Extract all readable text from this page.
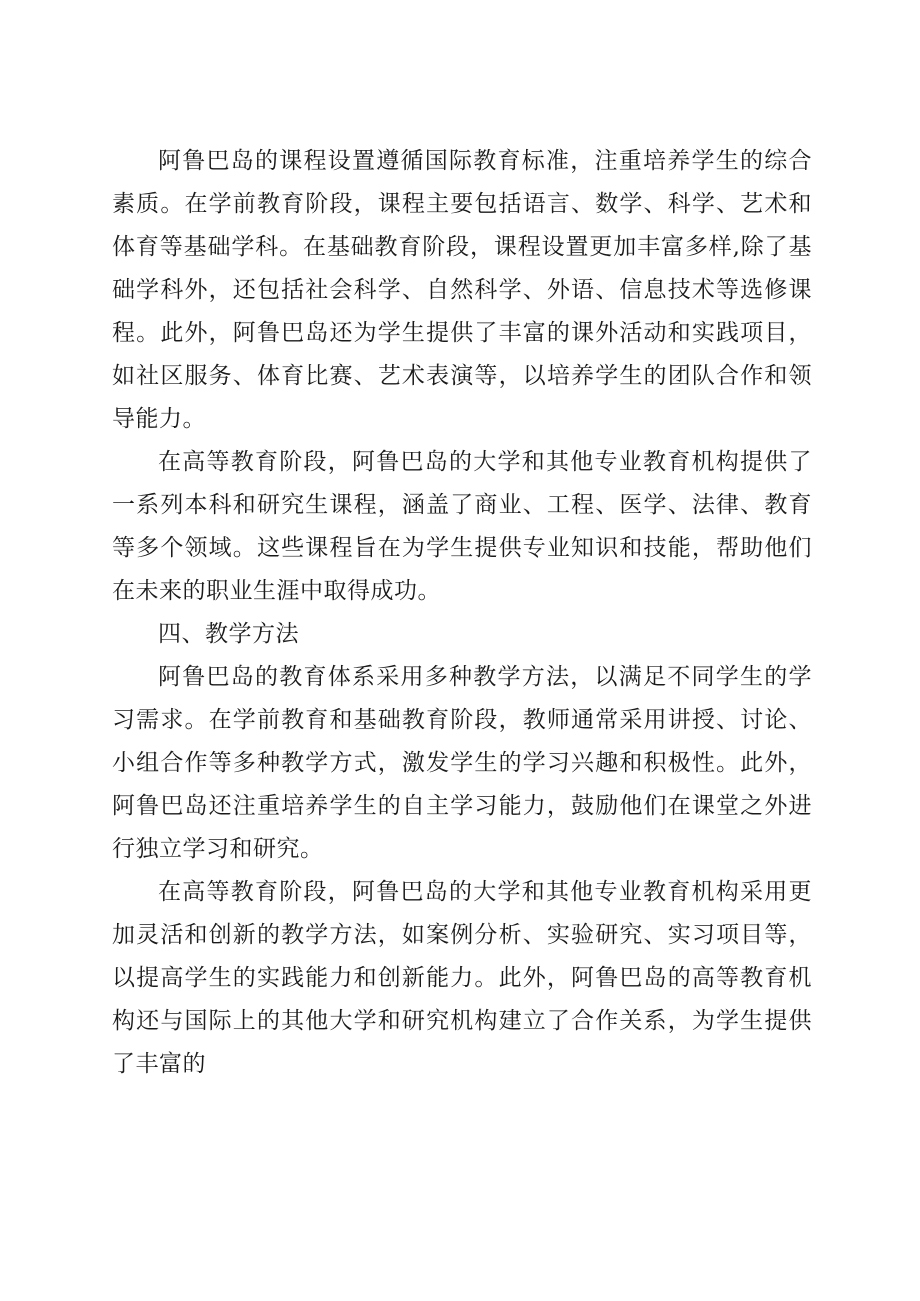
阿鲁巴岛的课程设置遵循国际教育标准，注重培养学生的综合素质。在学前教育阶段，课程主要包括语言、数学、科学、艺术和体育等基础学科。在基础教育阶段，课程设置更加丰富多样,除了基础学科外，还包括社会科学、自然科学、外语、信息技术等选修课程。此外，阿鲁巴岛还为学生提供了丰富的课外活动和实践项目，如社区服务、体育比赛、艺术表演等，以培养学生的团队合作和领导能力。

在高等教育阶段，阿鲁巴岛的大学和其他专业教育机构提供了一系列本科和研究生课程，涵盖了商业、工程、医学、法律、教育等多个领域。这些课程旨在为学生提供专业知识和技能，帮助他们在未来的职业生涯中取得成功。

四、教学方法

阿鲁巴岛的教育体系采用多种教学方法，以满足不同学生的学习需求。在学前教育和基础教育阶段，教师通常采用讲授、讨论、小组合作等多种教学方式，激发学生的学习兴趣和积极性。此外，阿鲁巴岛还注重培养学生的自主学习能力，鼓励他们在课堂之外进行独立学习和研究。

在高等教育阶段，阿鲁巴岛的大学和其他专业教育机构采用更加灵活和创新的教学方法，如案例分析、实验研究、实习项目等，以提高学生的实践能力和创新能力。此外，阿鲁巴岛的高等教育机构还与国际上的其他大学和研究机构建立了合作关系，为学生提供了丰富的
